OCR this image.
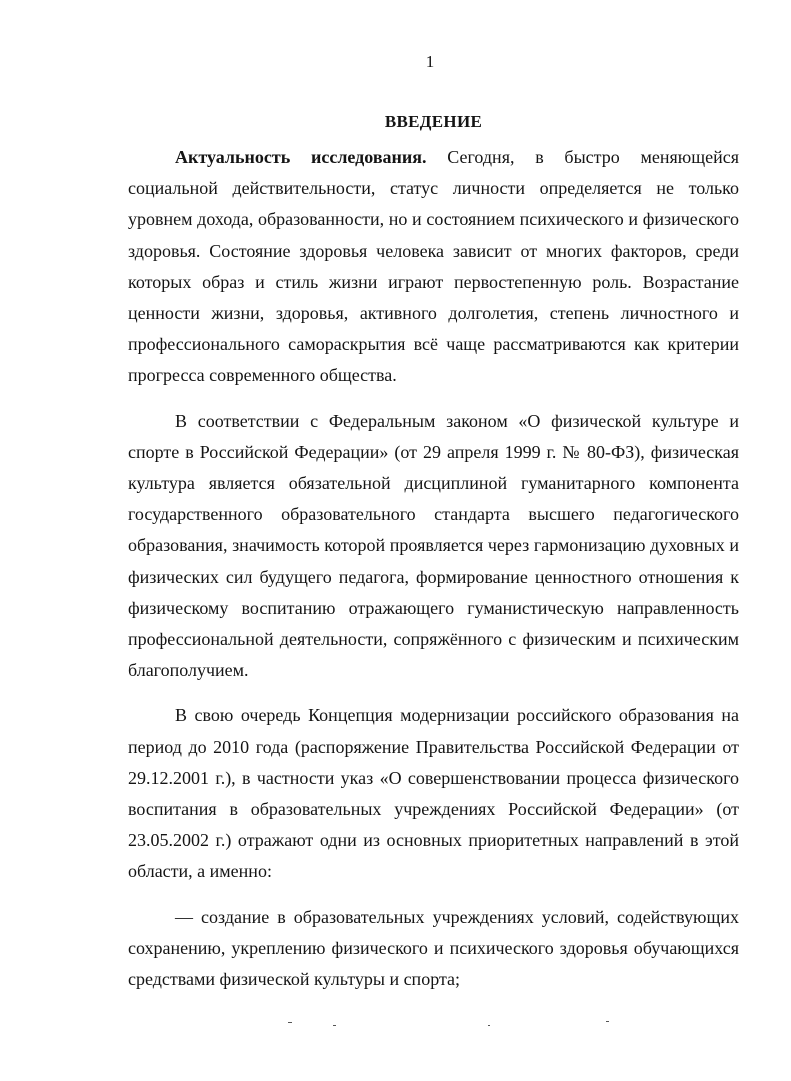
1
ВВЕДЕНИЕ

Актуальность исследования. Сегодня, в быстро меняющейся социальной действительности, статус личности определяется не только уровнем дохода, образованности, но и состоянием психического и физического здоровья. Состояние здоровья человека зависит от многих факторов, среди которых образ и стиль жизни играют первостепенную роль. Возрастание ценности жизни, здоровья, активного долголетия, степень личностного и профессионального самораскрытия всё чаще рассматриваются как критерии прогресса современного общества.

В соответствии с Федеральным законом «О физической культуре и спорте в Российской Федерации» (от 29 апреля 1999 г. № 80-ФЗ), физическая культура является обязательной дисциплиной гуманитарного компонента государственного образовательного стандарта высшего педагогического образования, значимость которой проявляется через гармонизацию духовных и физических сил будущего педагога, формирование ценностного отношения к физическому воспитанию отражающего гуманистическую направленность профессиональной деятельности, сопряжённого с физическим и психическим благополучием.

В свою очередь Концепция модернизации российского образования на период до 2010 года (распоряжение Правительства Российской Федерации от 29.12.2001 г.), в частности указ «О совершенствовании процесса физического воспитания в образовательных учреждениях Российской Федерации» (от 23.05.2002 г.) отражают одни из основных приоритетных направлений в этой области, а именно:

— создание в образовательных учреждениях условий, содействующих сохранению, укреплению физического и психического здоровья обучающихся средствами физической культуры и спорта;
